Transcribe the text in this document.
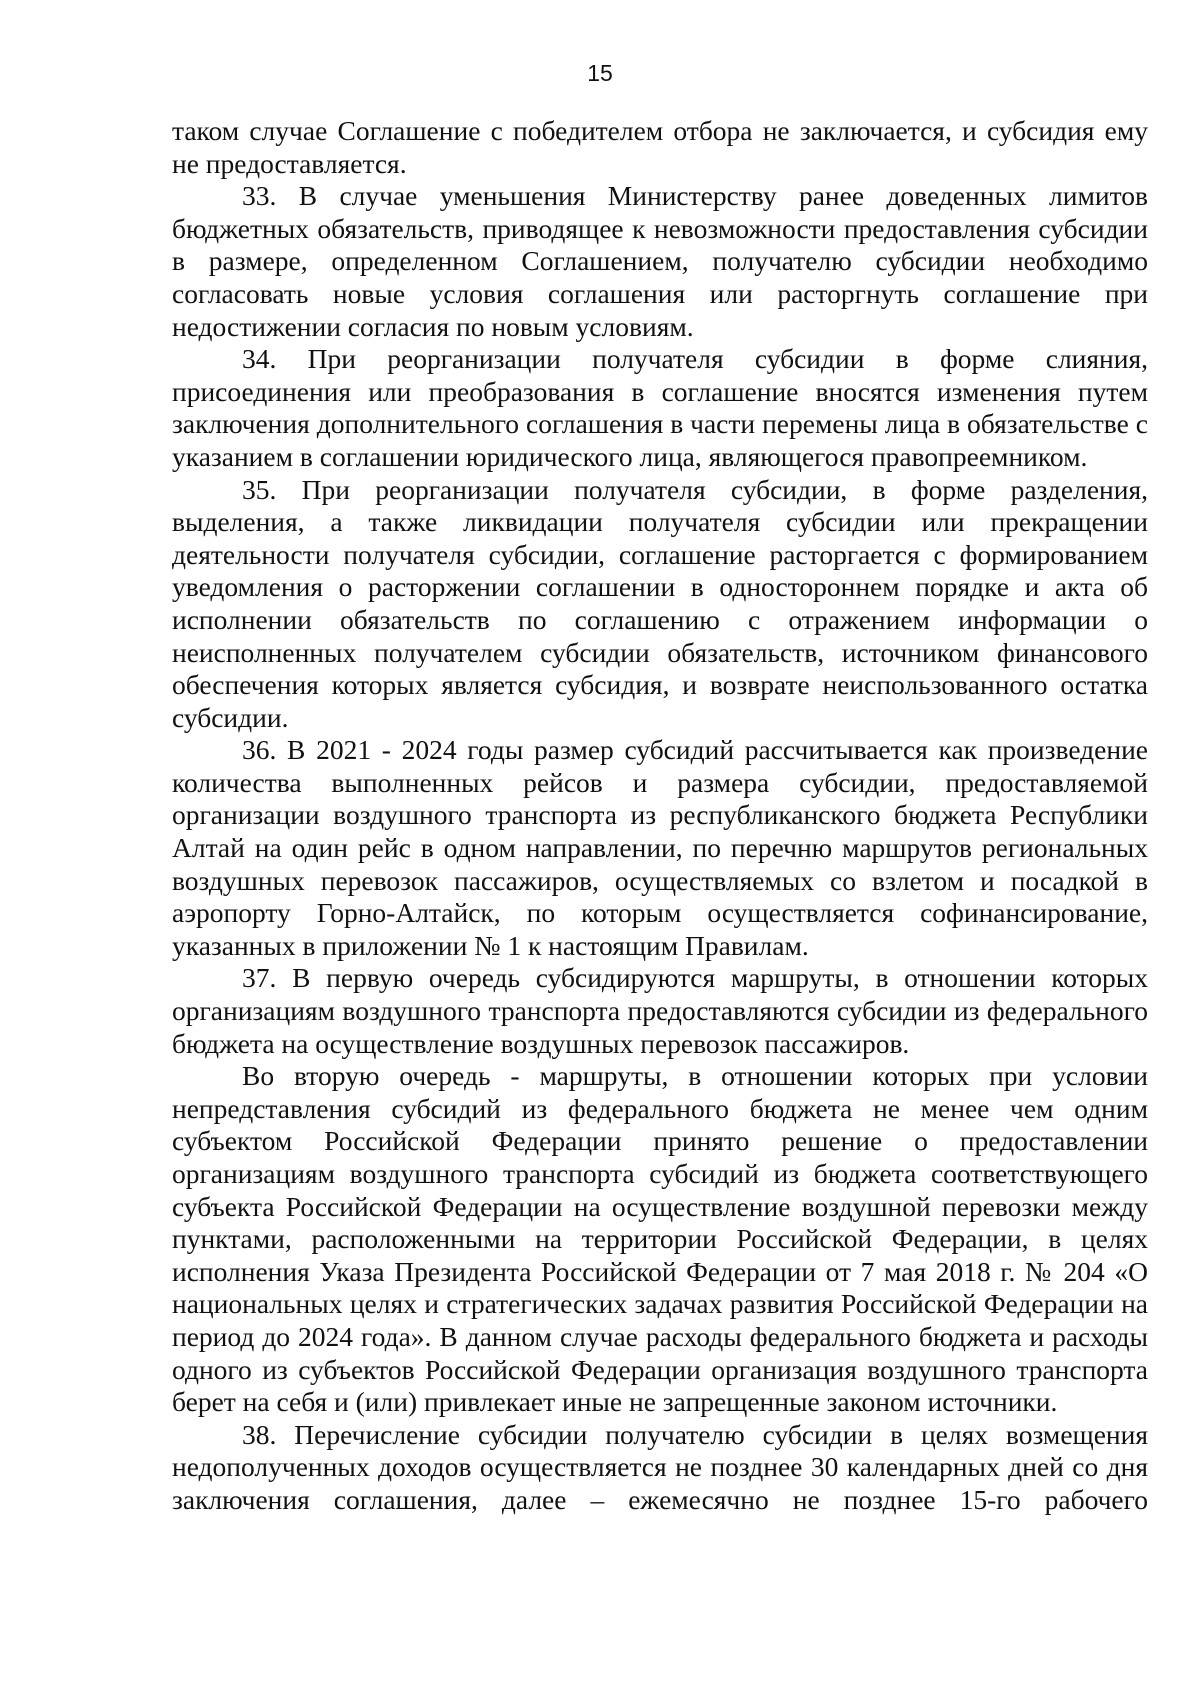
15

таком случае Соглашение с победителем отбора не заключается, и субсидия ему не предоставляется.

33. В случае уменьшения Министерству ранее доведенных лимитов бюджетных обязательств, приводящее к невозможности предоставления субсидии в размере, определенном Соглашением, получателю субсидии необходимо согласовать новые условия соглашения или расторгнуть соглашение при недостижении согласия по новым условиям.

34. При реорганизации получателя субсидии в форме слияния, присоединения или преобразования в соглашение вносятся изменения путем заключения дополнительного соглашения в части перемены лица в обязательстве с указанием в соглашении юридического лица, являющегося правопреемником.

35. При реорганизации получателя субсидии, в форме разделения, выделения, а также ликвидации получателя субсидии или прекращении деятельности получателя субсидии, соглашение расторгается с формированием уведомления о расторжении соглашении в одностороннем порядке и акта об исполнении обязательств по соглашению с отражением информации о неисполненных получателем субсидии обязательств, источником финансового обеспечения которых является субсидия, и возврате неиспользованного остатка субсидии.

36. В 2021 - 2024 годы размер субсидий рассчитывается как произведение количества выполненных рейсов и размера субсидии, предоставляемой организации воздушного транспорта из республиканского бюджета Республики Алтай на один рейс в одном направлении, по перечню маршрутов региональных воздушных перевозок пассажиров, осуществляемых со взлетом и посадкой в аэропорту Горно-Алтайск, по которым осуществляется софинансирование, указанных в приложении № 1 к настоящим Правилам.

37. В первую очередь субсидируются маршруты, в отношении которых организациям воздушного транспорта предоставляются субсидии из федерального бюджета на осуществление воздушных перевозок пассажиров.

Во вторую очередь - маршруты, в отношении которых при условии непредставления субсидий из федерального бюджета не менее чем одним субъектом Российской Федерации принято решение о предоставлении организациям воздушного транспорта субсидий из бюджета соответствующего субъекта Российской Федерации на осуществление воздушной перевозки между пунктами, расположенными на территории Российской Федерации, в целях исполнения Указа Президента Российской Федерации от 7 мая 2018 г. № 204 «О национальных целях и стратегических задачах развития Российской Федерации на период до 2024 года». В данном случае расходы федерального бюджета и расходы одного из субъектов Российской Федерации организация воздушного транспорта берет на себя и (или) привлекает иные не запрещенные законом источники.

38. Перечисление субсидии получателю субсидии в целях возмещения недополученных доходов осуществляется не позднее 30 календарных дней со дня заключения соглашения, далее – ежемесячно не позднее 15-го рабочего
